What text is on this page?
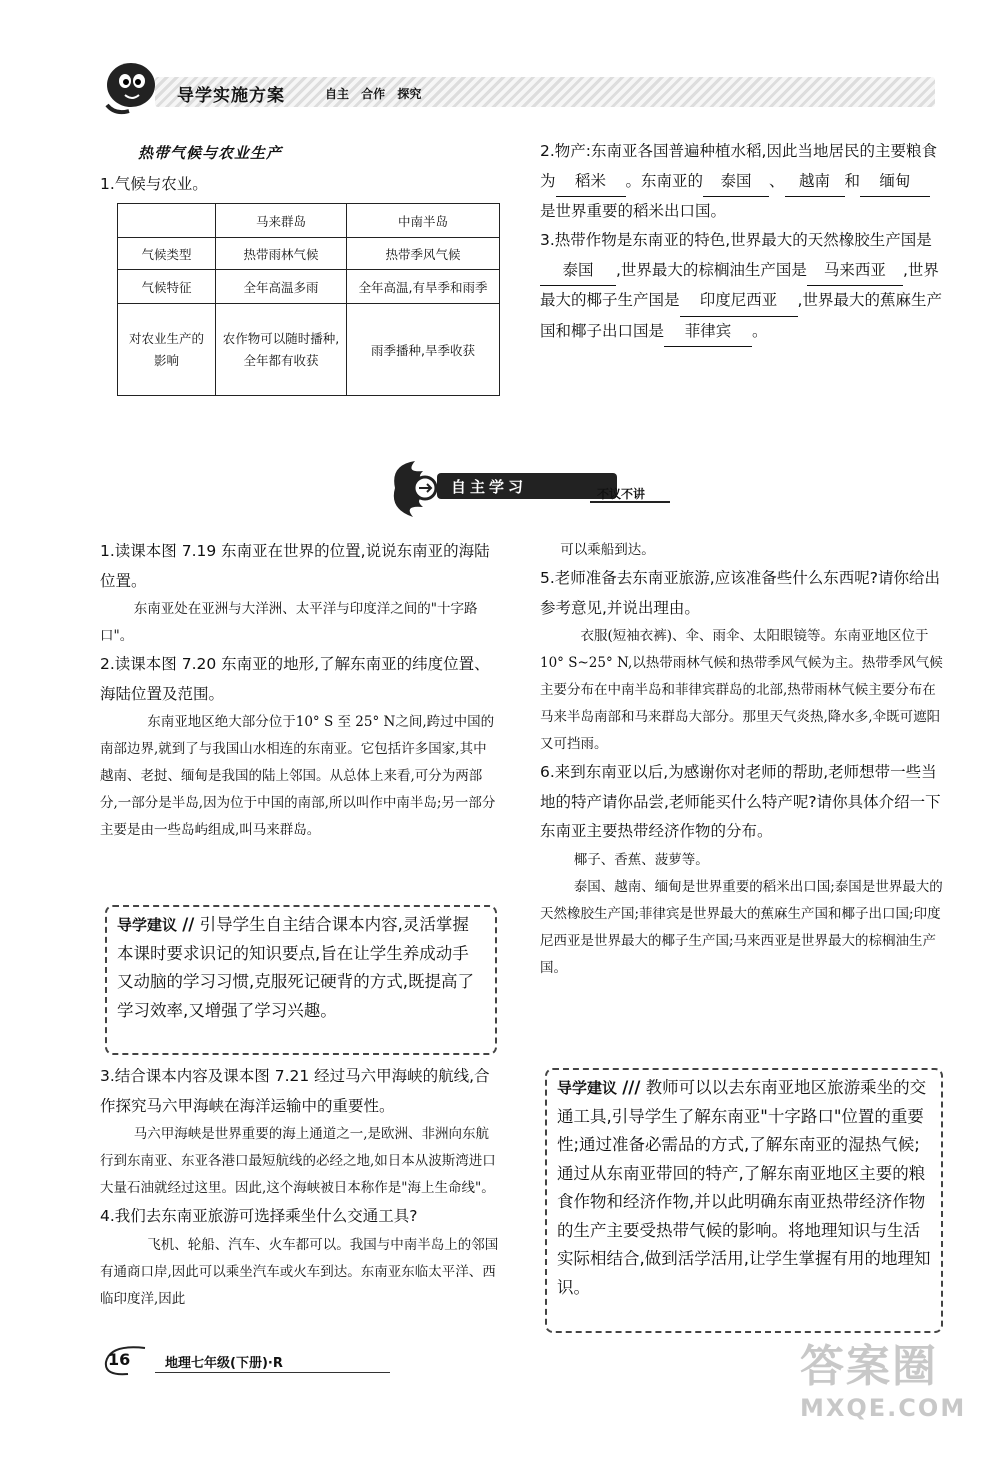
导学实施方案	自主 合作 探究
热带气候与农业生产
1.气候与农业。
	马来群岛	中南半岛
气候类型	热带雨林气候	热带季风气候
气候特征	全年高温多雨	全年高温,有旱季和雨季
对农业生产的影响	农作物可以随时播种,全年都有收获	雨季播种,旱季收获
2.物产:东南亚各国普遍种植水稻,因此当地居民的主要粮食为 稻米 。东南亚的 泰国 、 越南 和 缅甸是世界重要的稻米出口国。
3.热带作物是东南亚的特色,世界最大的天然橡胶生产国是泰国 ,世界最大的棕榈油生产国是 马来西亚 ,世界最大的椰子生产国是 印度尼西亚 ,世界最大的蕉麻生产国和椰子出口国是 菲律宾 。
自主学习	不议不讲
1.读课本图 7.19 东南亚在世界的位置,说说东南亚的海陆位置。
东南亚处在亚洲与大洋洲、太平洋与印度洋之间的"十字路口"。
2.读课本图 7.20 东南亚的地形,了解东南亚的纬度位置、海陆位置及范围。
东南亚地区绝大部分位于10° S 至 25° N之间,跨过中国的南部边界,就到了与我国山水相连的东南亚。它包括许多国家,其中越南、老挝、缅甸是我国的陆上邻国。从总体上来看,可分为两部分,一部分是半岛,因为位于中国的南部,所以叫作中南半岛;另一部分主要是由一些岛屿组成,叫马来群岛。
导学建议 // 引导学生自主结合课本内容,灵活掌握本课时要求识记的知识要点,旨在让学生养成动手又动脑的学习习惯,克服死记硬背的方式,既提高了学习效率,又增强了学习兴趣。
3.结合课本内容及课本图 7.21 经过马六甲海峡的航线,合作探究马六甲海峡在海洋运输中的重要性。
马六甲海峡是世界重要的海上通道之一,是欧洲、非洲向东航行到东南亚、东亚各港口最短航线的必经之地,如日本从波斯湾进口大量石油就经过这里。因此,这个海峡被日本称作是"海上生命线"。
4.我们去东南亚旅游可选择乘坐什么交通工具?
飞机、轮船、汽车、火车都可以。我国与中南半岛上的邻国有通商口岸,因此可以乘坐汽车或火车到达。东南亚东临太平洋、西临印度洋,因此
可以乘船到达。
5.老师准备去东南亚旅游,应该准备些什么东西呢?请你给出参考意见,并说出理由。
衣服(短袖衣裤)、伞、雨伞、太阳眼镜等。东南亚地区位于 10° S~25° N,以热带雨林气候和热带季风气候为主。热带季风气候主要分布在中南半岛和菲律宾群岛的北部,热带雨林气候主要分布在马来半岛南部和马来群岛大部分。那里天气炎热,降水多,伞既可遮阳又可挡雨。
6.来到东南亚以后,为感谢你对老师的帮助,老师想带一些当地的特产请你品尝,老师能买什么特产呢?请你具体介绍一下东南亚主要热带经济作物的分布。
椰子、香蕉、菠萝等。
泰国、越南、缅甸是世界重要的稻米出口国;泰国是世界最大的天然橡胶生产国;菲律宾是世界最大的蕉麻生产国和椰子出口国;印度尼西亚是世界最大的椰子生产国;马来西亚是世界最大的棕榈油生产国。
导学建议 /// 教师可以以去东南亚地区旅游乘坐的交通工具,引导学生了解东南亚"十字路口"位置的重要性;通过准备必需品的方式,了解东南亚的湿热气候;通过从东南亚带回的特产,了解东南亚地区主要的粮食作物和经济作物,并以此明确东南亚热带经济作物的生产主要受热带气候的影响。将地理知识与生活实际相结合,做到活学活用,让学生掌握有用的地理知识。
16	地理七年级(下册)·R	答案圈
MXQE.COM
